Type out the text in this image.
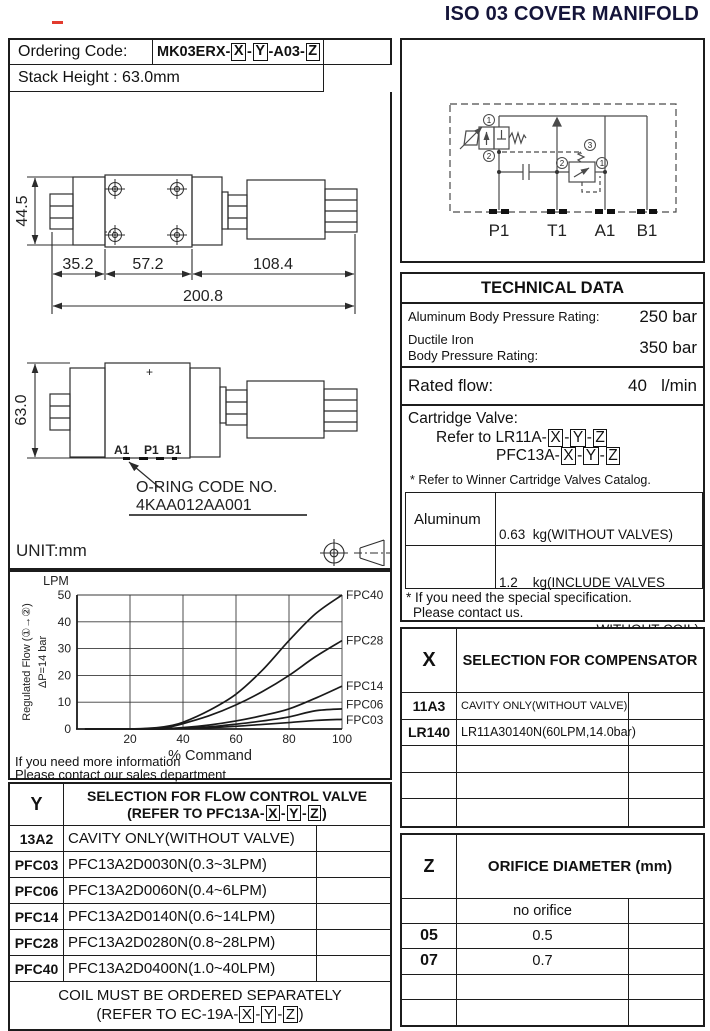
ISO 03 COVER MANIFOLD
Ordering Code:	MK03ERX- X - Y -A03- Z
Stack Height : 63.0mm
44.5
35.2 57.2	108.4
200.8
+
63.0
A1 P1 B1
O-RING CODE NO.
4KAA012AA001
UNIT:mm
0
10
20
30
40
50
20	40	60	80	100
LPM
% Command
Regulated Flow (①→②) ΔP=14 bar
FPC40
FPC28
FPC14
FPC06
FPC03
If you need more information
Please contact our sales department
1
2
3
2	1
P1 T1 A1 B1
TECHNICAL DATA
Aluminum Body Pressure Rating: 250 bar
Ductile Iron
Body Pressure Rating:	350 bar
Rated flow:	40 l/min
Cartridge Valve:
Refer to LR11A- X - Y - Z
PFC13A- X - Y - Z
* Refer to Winner Cartridge Valves Catalog.
Aluminum

0.63  kg(WITHOUT VALVES)

1.2    kg(INCLUDE VALVES

* If you need the special specification.
Please contact us.
X	SELECTION FOR COMPENSATOR
11A3	CAVITY ONLY(WITHOUT VALVE)
LR140 LR11A30140N(60LPM,14.0bar)
Z	ORIFICE DIAMETER (mm)
no orifice
05	0.5
07	0.7
Y	SELECTION FOR FLOW CONTROL VALVE
(REFER TO PFC13A- X - Y - Z )
13A2 CAVITY ONLY(WITHOUT VALVE)
PFC03 PFC13A2D0030N(0.3~3LPM)
PFC06 PFC13A2D0060N(0.4~6LPM)
PFC14 PFC13A2D0140N(0.6~14LPM)
PFC28 PFC13A2D0280N(0.8~28LPM)
PFC40 PFC13A2D0400N(1.0~40LPM)
COIL MUST BE ORDERED SEPARATELY
(REFER TO EC-19A- X - Y - Z )
